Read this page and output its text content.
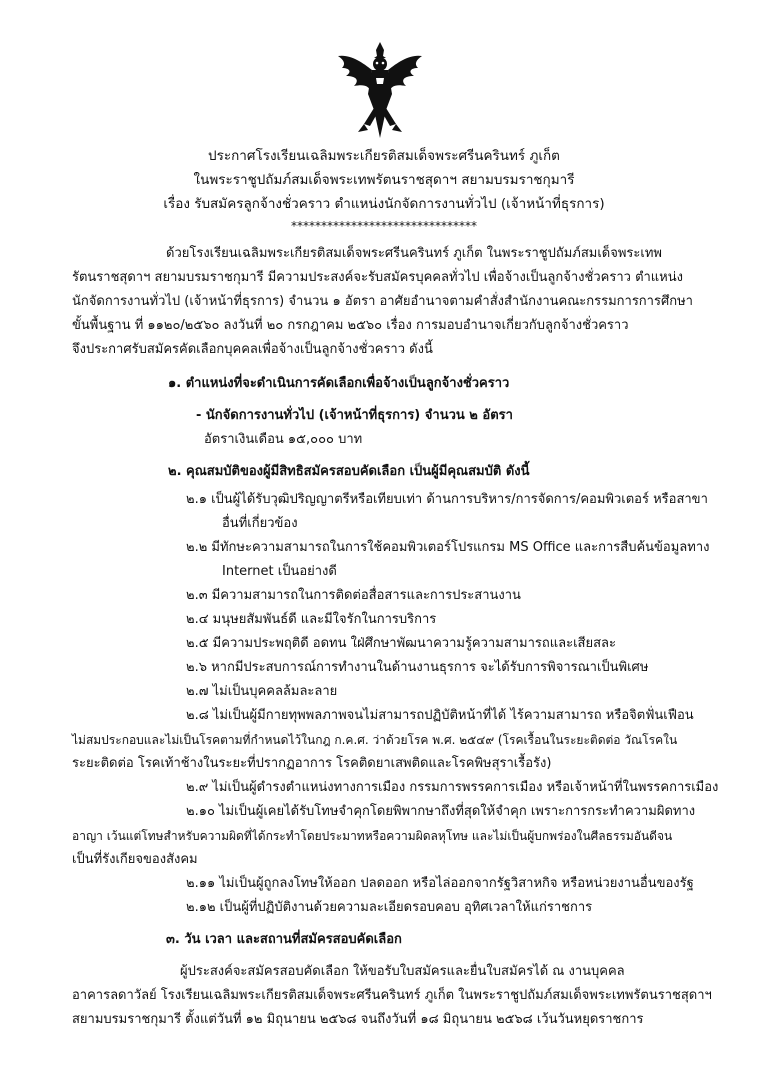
ประกาศโรงเรียนเฉลิมพระเกียรติสมเด็จพระศรีนครินทร์ ภูเก็ต
ในพระราชูปถัมภ์สมเด็จพระเทพรัตนราชสุดาฯ สยามบรมราชกุมารี
เรื่อง รับสมัครลูกจ้างชั่วคราว ตำแหน่งนักจัดการงานทั่วไป (เจ้าหน้าที่ธุรการ)
*******************************
ด้วยโรงเรียนเฉลิมพระเกียรติสมเด็จพระศรีนครินทร์ ภูเก็ต ในพระราชูปถัมภ์สมเด็จพระเทพ
รัตนราชสุดาฯ สยามบรมราชกุมารี มีความประสงค์จะรับสมัครบุคคลทั่วไป เพื่อจ้างเป็นลูกจ้างชั่วคราว ตำแหน่ง
นักจัดการงานทั่วไป (เจ้าหน้าที่ธุรการ) จำนวน ๑ อัตรา อาศัยอำนาจตามคำสั่งสำนักงานคณะกรรมการการศึกษา
ขั้นพื้นฐาน ที่ ๑๑๒๐/๒๕๖๐ ลงวันที่ ๒๐ กรกฎาคม ๒๕๖๐ เรื่อง การมอบอำนาจเกี่ยวกับลูกจ้างชั่วคราว
จึงประกาศรับสมัครคัดเลือกบุคคลเพื่อจ้างเป็นลูกจ้างชั่วคราว ดังนี้
๑. ตำแหน่งที่จะดำเนินการคัดเลือกเพื่อจ้างเป็นลูกจ้างชั่วคราว
- นักจัดการงานทั่วไป (เจ้าหน้าที่ธุรการ) จำนวน ๒ อัตรา
อัตราเงินเดือน ๑๕,๐๐๐ บาท
๒. คุณสมบัติของผู้มีสิทธิสมัครสอบคัดเลือก เป็นผู้มีคุณสมบัติ ดังนี้
๒.๑ เป็นผู้ได้รับวุฒิปริญญาตรีหรือเทียบเท่า ด้านการบริหาร/การจัดการ/คอมพิวเตอร์ หรือสาขา
อื่นที่เกี่ยวข้อง
๒.๒ มีทักษะความสามารถในการใช้คอมพิวเตอร์โปรแกรม MS Office และการสืบค้นข้อมูลทาง
Internet เป็นอย่างดี
๒.๓ มีความสามารถในการติดต่อสื่อสารและการประสานงาน
๒.๔ มนุษยสัมพันธ์ดี และมีใจรักในการบริการ
๒.๕ มีความประพฤติดี อดทน ใฝ่ศึกษาพัฒนาความรู้ความสามารถและเสียสละ
๒.๖ หากมีประสบการณ์การทำงานในด้านงานธุรการ จะได้รับการพิจารณาเป็นพิเศษ
๒.๗ ไม่เป็นบุคคลล้มละลาย
๒.๘ ไม่เป็นผู้มีกายทุพพลภาพจนไม่สามารถปฏิบัติหน้าที่ได้ ไร้ความสามารถ หรือจิตฟั่นเฟือน
ไม่สมประกอบและไม่เป็นโรคตามที่กำหนดไว้ในกฎ ก.ค.ศ. ว่าด้วยโรค พ.ศ. ๒๕๔๙ (โรคเรื้อนในระยะติดต่อ วัณโรคใน
ระยะติดต่อ โรคเท้าช้างในระยะที่ปรากฏอาการ โรคติดยาเสพติดและโรคพิษสุราเรื้อรัง)
๒.๙ ไม่เป็นผู้ดำรงตำแหน่งทางการเมือง กรรมการพรรคการเมือง หรือเจ้าหน้าที่ในพรรคการเมือง
๒.๑๐ ไม่เป็นผู้เคยได้รับโทษจำคุกโดยพิพากษาถึงที่สุดให้จำคุก เพราะการกระทำความผิดทาง
อาญา เว้นแต่โทษสำหรับความผิดที่ได้กระทำโดยประมาทหรือความผิดลหุโทษ และไม่เป็นผู้บกพร่องในศีลธรรมอันดีจน
เป็นที่รังเกียจของสังคม
๒.๑๑ ไม่เป็นผู้ถูกลงโทษให้ออก ปลดออก หรือไล่ออกจากรัฐวิสาหกิจ หรือหน่วยงานอื่นของรัฐ
๒.๑๒ เป็นผู้ที่ปฏิบัติงานด้วยความละเอียดรอบคอบ อุทิศเวลาให้แก่ราชการ
๓. วัน เวลา และสถานที่สมัครสอบคัดเลือก
ผู้ประสงค์จะสมัครสอบคัดเลือก ให้ขอรับใบสมัครและยื่นใบสมัครได้ ณ งานบุคคล
อาคารลดาวัลย์ โรงเรียนเฉลิมพระเกียรติสมเด็จพระศรีนครินทร์ ภูเก็ต ในพระราชูปถัมภ์สมเด็จพระเทพรัตนราชสุดาฯ
สยามบรมราชกุมารี ตั้งแต่วันที่ ๑๒ มิถุนายน ๒๕๖๘ จนถึงวันที่ ๑๘ มิถุนายน ๒๕๖๘ เว้นวันหยุดราชการ
